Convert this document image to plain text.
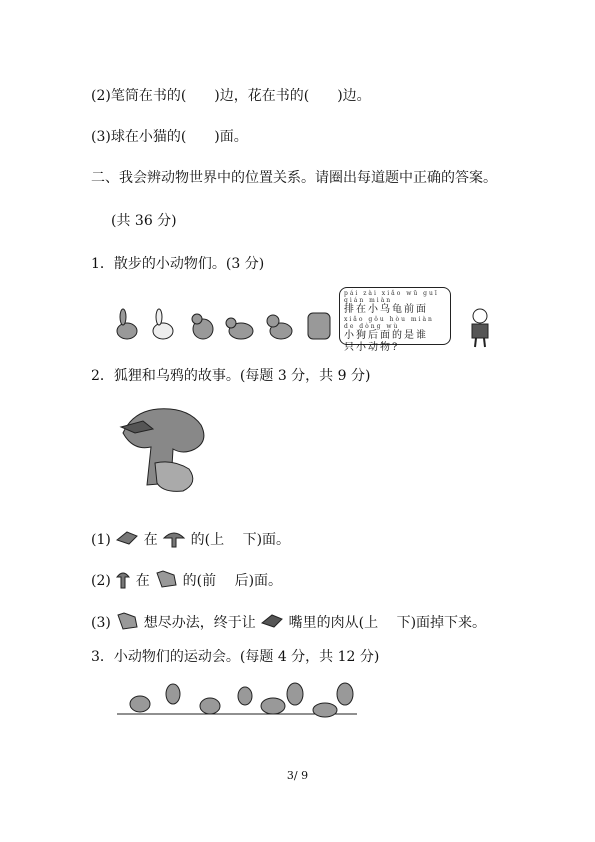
(2)笔筒在书的(　　)边，花在书的(　　)边。
(3)球在小猫的(　　)面。
二、我会辨动物世界中的位置关系。请圈出每道题中正确的答案。
(共 36 分)
1．散步的小动物们。(3 分)
pái zài xiǎo wū guī qián miàn
排在小乌龟前面
xiǎo gǒu hòu miàn de dòng wù
小狗后面的是谁
只小动物?
2．狐狸和乌鸦的故事。(每题 3 分，共 9 分)
(1) 在 的(上　 下)面。
(2) 在 的(前　 后)面。
(3) 想尽办法，终于让 嘴里的肉从(上　 下)面掉下来。
3．小动物们的运动会。(每题 4 分，共 12 分)
3/ 9
